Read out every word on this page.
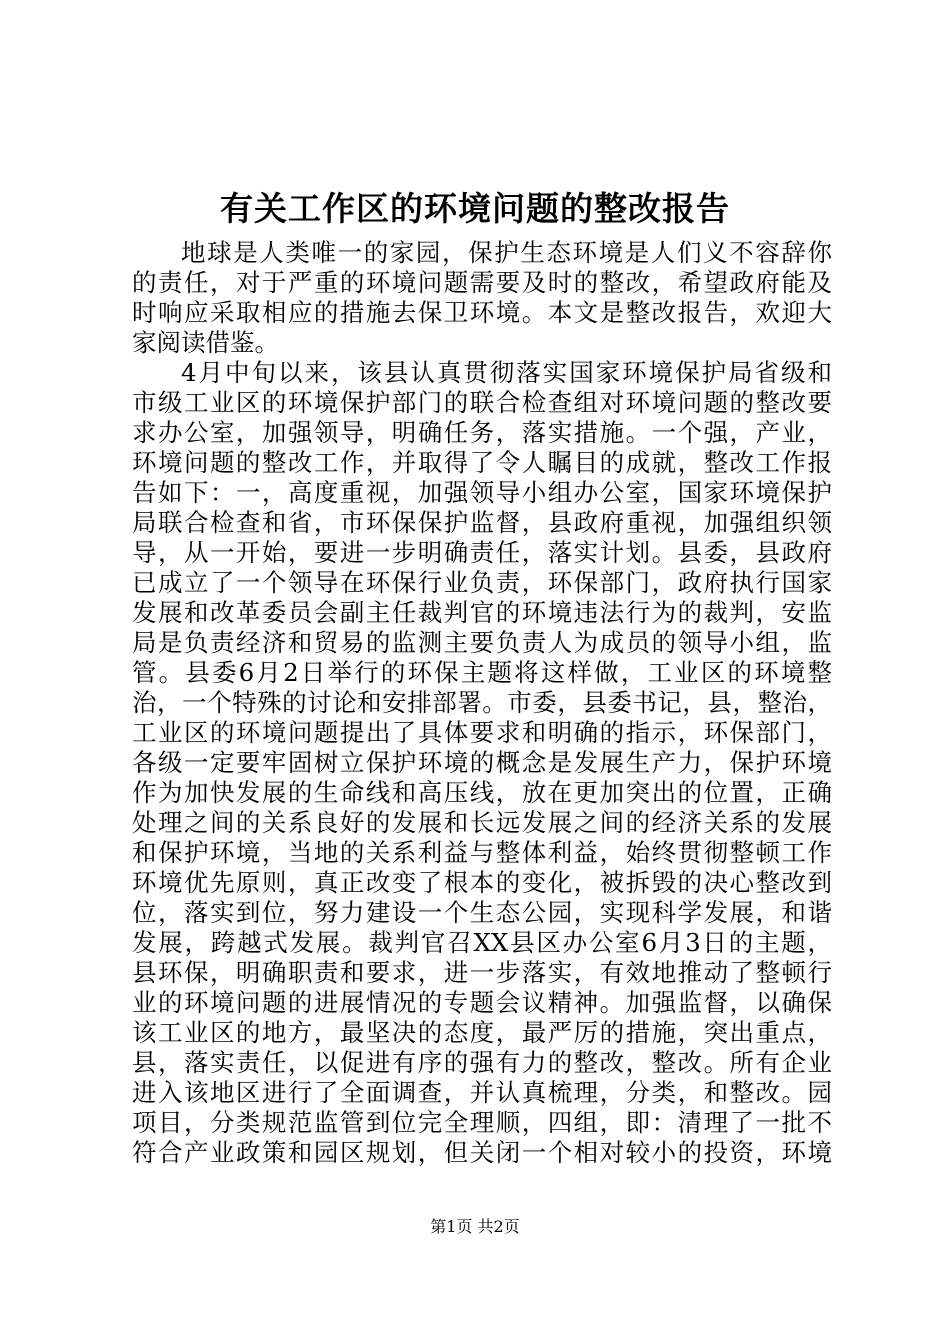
有关工作区的环境问题的整改报告
地球是人类唯一的家园，保护生态环境是人们义不容辞你
的责任，对于严重的环境问题需要及时的整改，希望政府能及
时响应采取相应的措施去保卫环境。本文是整改报告，欢迎大
家阅读借鉴。
4月中旬以来，该县认真贯彻落实国家环境保护局省级和
市级工业区的环境保护部门的联合检查组对环境问题的整改要
求办公室，加强领导，明确任务，落实措施。一个强，产业，
环境问题的整改工作，并取得了令人瞩目的成就，整改工作报
告如下：一，高度重视，加强领导小组办公室，国家环境保护
局联合检查和省，市环保保护监督，县政府重视，加强组织领
导，从一开始，要进一步明确责任，落实计划。县委，县政府
已成立了一个领导在环保行业负责，环保部门，政府执行国家
发展和改革委员会副主任裁判官的环境违法行为的裁判，安监
局是负责经济和贸易的监测主要负责人为成员的领导小组，监
管。县委6月2日举行的环保主题将这样做，工业区的环境整
治，一个特殊的讨论和安排部署。市委，县委书记，县，整治，
工业区的环境问题提出了具体要求和明确的指示，环保部门，
各级一定要牢固树立保护环境的概念是发展生产力，保护环境
作为加快发展的生命线和高压线，放在更加突出的位置，正确
处理之间的关系良好的发展和长远发展之间的经济关系的发展
和保护环境，当地的关系利益与整体利益，始终贯彻整顿工作
环境优先原则，真正改变了根本的变化，被拆毁的决心整改到
位，落实到位，努力建设一个生态公园，实现科学发展，和谐
发展，跨越式发展。裁判官召XX县区办公室6月3日的主题，
县环保，明确职责和要求，进一步落实，有效地推动了整顿行
业的环境问题的进展情况的专题会议精神。加强监督，以确保
该工业区的地方，最坚决的态度，最严厉的措施，突出重点，
县，落实责任，以促进有序的强有力的整改，整改。所有企业
进入该地区进行了全面调查，并认真梳理，分类，和整改。园
项目，分类规范监管到位完全理顺，四组，即：清理了一批不
符合产业政策和园区规划，但关闭一个相对较小的投资，环境
第1页 共2页
